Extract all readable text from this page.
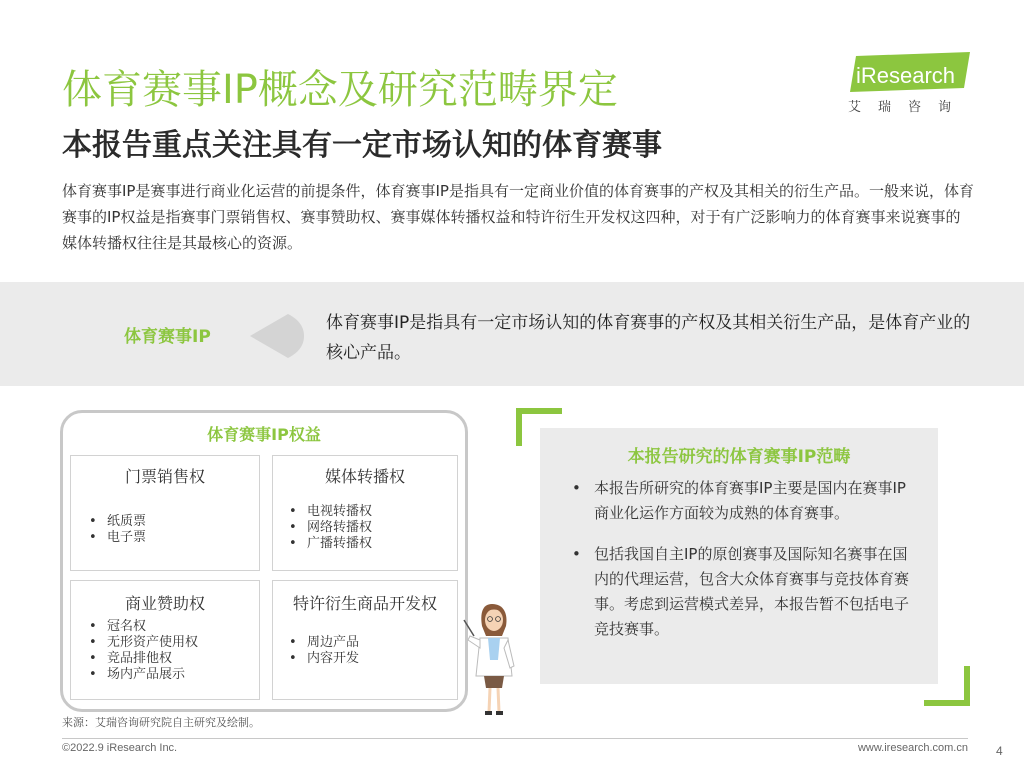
体育赛事IP概念及研究范畴界定
本报告重点关注具有一定市场认知的体育赛事
iResearch
艾瑞咨询

体育赛事IP是赛事进行商业化运营的前提条件，体育赛事IP是指具有一定商业价值的体育赛事的产权及其相关的衍生产品。一般来说，体育赛事的IP权益是指赛事门票销售权、赛事赞助权、赛事媒体转播权益和特许衍生开发权这四种，对于有广泛影响力的体育赛事来说赛事的媒体转播权往往是其最核心的资源。

体育赛事IP

体育赛事IP是指具有一定市场认知的体育赛事的产权及其相关衍生产品，是体育产业的核心产品。

体育赛事IP权益
门票销售权
• 纸质票
• 电子票
媒体转播权
• 电视转播权
• 网络转播权
• 广播转播权
商业赞助权
• 冠名权
• 无形资产使用权
• 竞品排他权
• 场内产品展示
特许衍生商品开发权
• 周边产品
• 内容开发
来源：艾瑞咨询研究院自主研究及绘制。
本报告研究的体育赛事IP范畴
• 本报告所研究的体育赛事IP主要是国内在赛事IP商业化运作方面较为成熟的体育赛事。
• 包括我国自主IP的原创赛事及国际知名赛事在国内的代理运营，包含大众体育赛事与竞技体育赛事。考虑到运营模式差异，本报告暂不包括电子竞技赛事。
©2022.9 iResearch Inc.	www.iresearch.com.cn 4
